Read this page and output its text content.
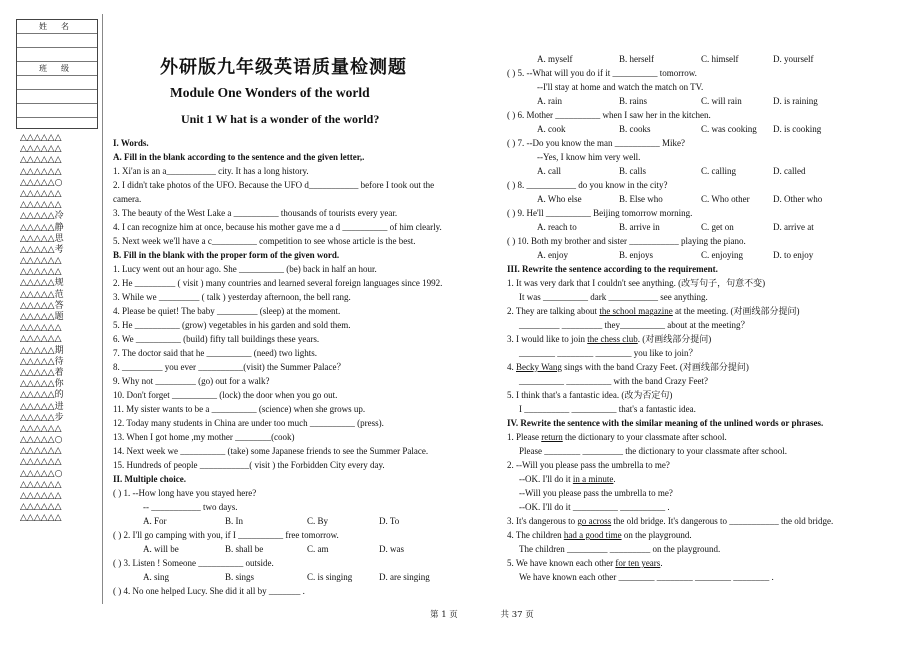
姓 名
班 级
△△△△△△
△△△△△△
△△△△△△
△△△△△△
△△△△△○
△△△△△△
△△△△△△
△△△△△冷
△△△△△静
△△△△△思
△△△△△考
△△△△△△
△△△△△△
△△△△△规
△△△△△范
△△△△△答
△△△△△题
△△△△△△
△△△△△△
△△△△△期
△△△△△待
△△△△△着
△△△△△你
△△△△△的
△△△△△进
△△△△△步
△△△△△△
△△△△△○
△△△△△△
△△△△△△
△△△△△○
△△△△△△
△△△△△△
△△△△△△
△△△△△△
外研版九年级英语质量检测题
Module One Wonders of the world
Unit 1 W hat is a wonder of the world?
I. Words.
A. Fill in the blank according to the sentence and the given letter,.
1. Xi'an is an a___________ city. It has a long history.
2. I didn't take photos of the UFO. Because the UFO d___________ before I took out the
camera.
3. The beauty of the West Lake a __________ thousands of tourists every year.
4. I can recognize him at once, because his mother gave me a d __________ of him clearly.
5. Next week we'll have a c__________ competition to see whose article is the best.
B. Fill in the blank with the proper form of the given word.
1. Lucy went out an hour ago. She __________ (be) back in half an hour.
2. He _________ ( visit ) many countries and learned several foreign languages since 1992.
3. While we _________ ( talk ) yesterday afternoon, the bell rang.
4. Please be quiet! The baby _________ (sleep) at the moment.
5. He __________ (grow) vegetables in his garden and sold them.
6. We __________ (build) fifty tall buildings these years.
7. The doctor said that he __________ (need) two lights.
8. _________ you ever __________(visit) the Summer Palace？
9. Why not _________ (go) out for a walk?
10. Don't forget __________ (lock) the door when you go out.
11. My sister wants to be a __________ (science) when she grows up.
12. Today many students in China are under too much __________ (press).
13. When I got home ,my mother ________(cook)
14. Next week we __________ (take) some Japanese friends to see the Summer Palace.
15. Hundreds of people ___________( visit ) the Forbidden City every day.
II. Multiple choice.
( ) 1. --How long have you stayed here?
-- ___________ two days.
A. For	B. In	C. By	D. To
( ) 2. I'll go camping with you, if I __________ free tomorrow.
A. will be	B. shall be	C. am	D. was
( ) 3. Listen ! Someone __________ outside.
A. sing	B. sings	C. is singing	D. are singing
( ) 4. No one helped Lucy. She did it all by _______ .
A. myself	B. herself	C. himself	D. yourself
( ) 5. --What will you do if it __________ tomorrow.
--I'll stay at home and watch the match on TV.
A. rain	B. rains	C. will rain	D. is raining
( ) 6. Mother __________ when I saw her in the kitchen.
A. cook	B. cooks	C. was cooking	D. is cooking
( ) 7. --Do you know the man __________ Mike?
--Yes, I know him very well.
A. call	B. calls	C. calling	D. called
( ) 8. ___________ do you know in the city?
A. Who else	B. Else who	C. Who other	D. Other who
( ) 9. He'll __________ Beijing tomorrow morning.
A. reach to	B. arrive in	C. get on	D. arrive at
( ) 10. Both my brother and sister ___________ playing the piano.
A. enjoy	B. enjoys	C. enjoying	D. to enjoy
III. Rewrite the sentence according to the requirement.
1. It was very dark that I couldn't see anything. (改写句子，句意不变)
It was __________ dark ___________ see anything.
2. They are talking about the school magazine at the meeting. (对画线部分提问)
_________ _________ they__________ about at the meeting？
3. I would like to join the chess club. (对画线部分提问)
________ ________ ________ you like to join？
4. Becky Wang sings with the band Crazy Feet. (对画线部分提问)
__________ __________ with the band Crazy Feet?
5. I think that's a fantastic idea. (改为否定句)
I __________ __________ that's a fantastic idea.
IV. Rewrite the sentence with the similar meaning of the unlined words or phrases.
1. Please return the dictionary to your classmate after school.
Please ________ _________ the dictionary to your classmate after school.
2. --Will you please pass the umbrella to me?
--OK. I'll do it in a minute.
--Will you please pass the umbrella to me?
--OK. I'll do it __________ __________ .
3. It's dangerous to go across the old bridge. It's dangerous to ___________ the old bridge.
4. The children had a good time on the playground.
The children _________ _________ on the playground.
5. We have known each other for ten years.
We have known each other ________ ________ ________ ________ .
第 1 页	共 37 页
